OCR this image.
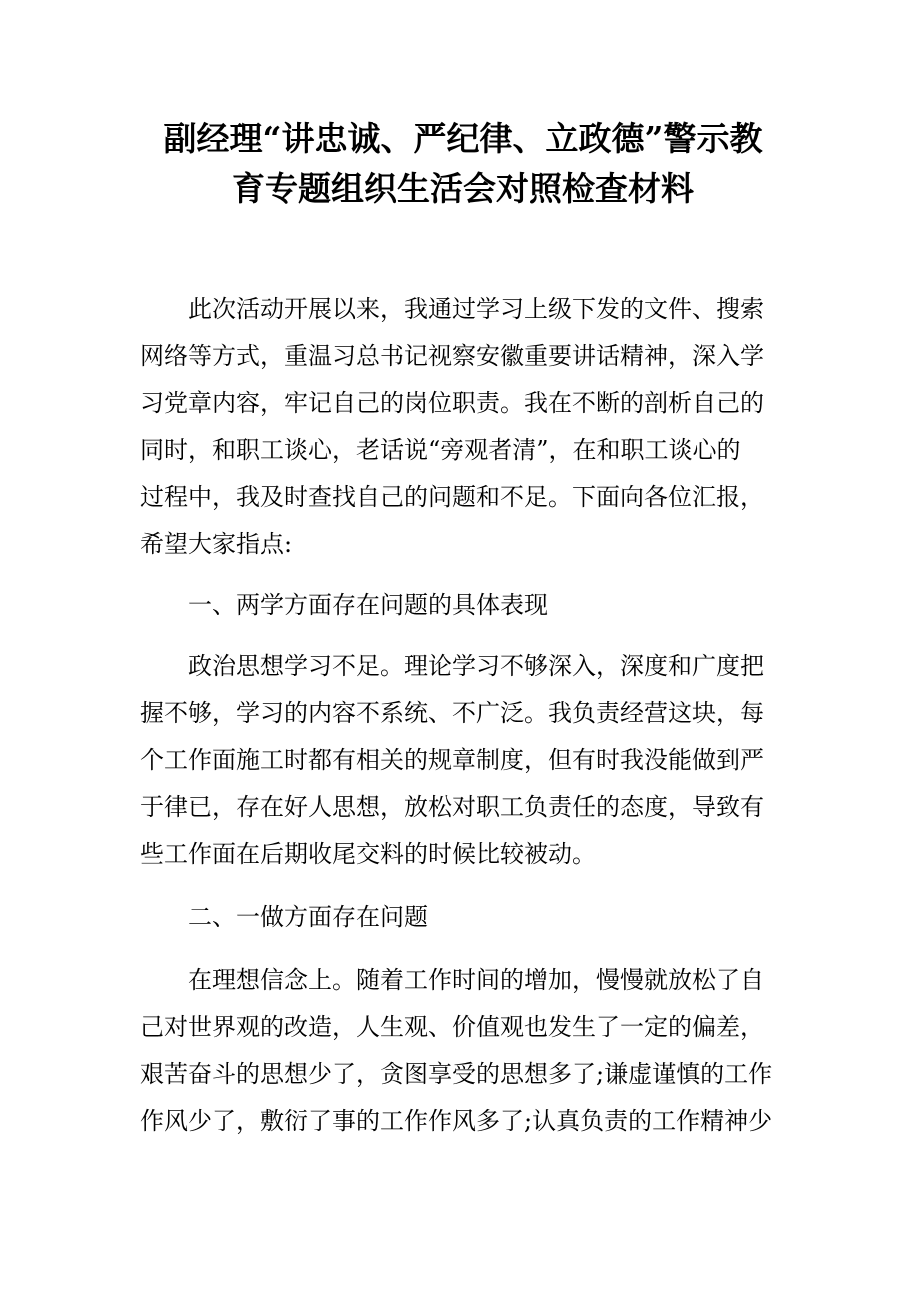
副经理“讲忠诚、严纪律、立政德”警示教
育专题组织生活会对照检查材料
此次活动开展以来，我通过学习上级下发的文件、搜索
网络等方式，重温习总书记视察安徽重要讲话精神，深入学
习党章内容，牢记自己的岗位职责。我在不断的剖析自己的
同时，和职工谈心，老话说“旁观者清”，在和职工谈心的
过程中，我及时查找自己的问题和不足。下面向各位汇报，
希望大家指点:
一、两学方面存在问题的具体表现
政治思想学习不足。理论学习不够深入，深度和广度把
握不够，学习的内容不系统、不广泛。我负责经营这块，每
个工作面施工时都有相关的规章制度，但有时我没能做到严
于律已，存在好人思想，放松对职工负责任的态度，导致有
些工作面在后期收尾交料的时候比较被动。
二、一做方面存在问题
在理想信念上。随着工作时间的增加，慢慢就放松了自
己对世界观的改造，人生观、价值观也发生了一定的偏差，
艰苦奋斗的思想少了，贪图享受的思想多了;谦虚谨慎的工作
作风少了，敷衍了事的工作作风多了;认真负责的工作精神少
